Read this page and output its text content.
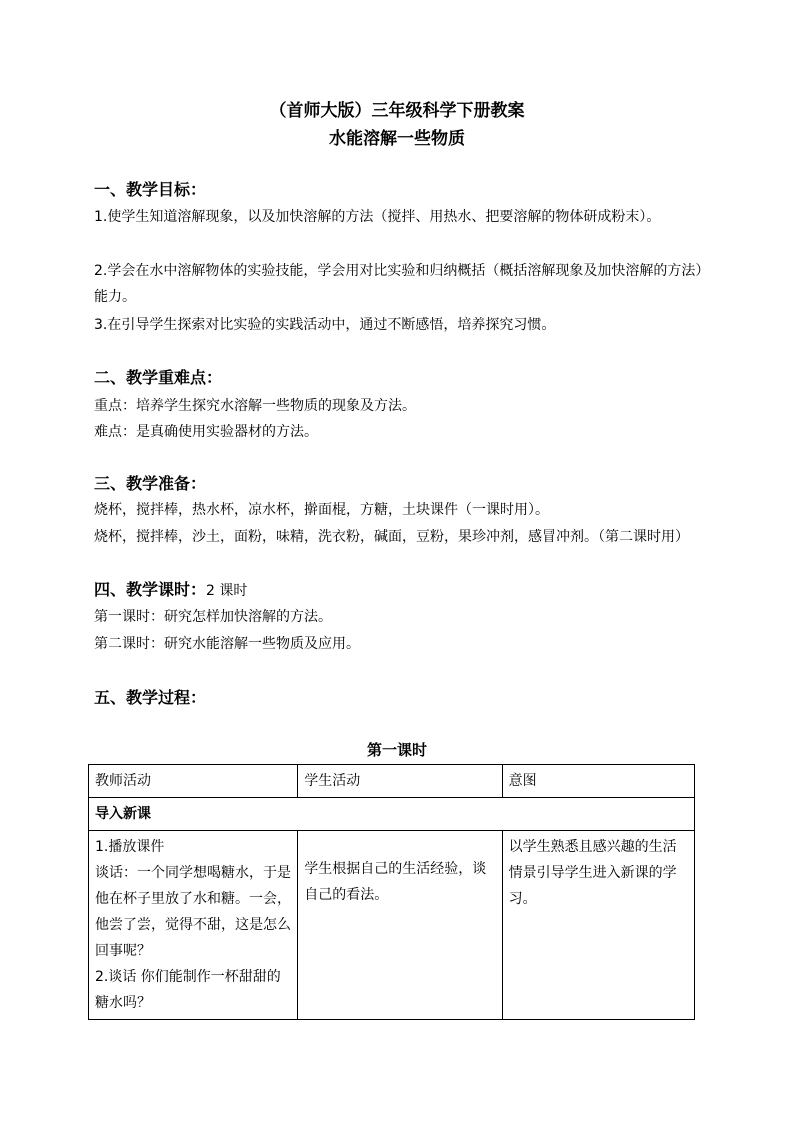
（首师大版）三年级科学下册教案
水能溶解一些物质
一、教学目标：
1.使学生知道溶解现象，以及加快溶解的方法（搅拌、用热水、把要溶解的物体研成粉末）。
2.学会在水中溶解物体的实验技能，学会用对比实验和归纳概括（概括溶解现象及加快溶解的方法）能力。
3.在引导学生探索对比实验的实践活动中，通过不断感悟，培养探究习惯。
二、教学重难点：
重点：培养学生探究水溶解一些物质的现象及方法。
难点：是真确使用实验器材的方法。
三、教学准备：
烧杯，搅拌棒，热水杯，凉水杯，擀面棍，方糖，土块课件（一课时用）。
烧杯，搅拌棒，沙土，面粉，味精，洗衣粉，碱面，豆粉，果珍冲剂，感冒冲剂。（第二课时用）
四、教学课时：2 课时
第一课时：研究怎样加快溶解的方法。
第二课时：研究水能溶解一些物质及应用。
五、教学过程：
第一课时
教师活动	学生活动	意图
导入新课		

1.播放课件
谈话：一个同学想喝糖水，于是他在杯子里放了水和糖。一会，他尝了尝，觉得不甜，这是怎么回事呢？
2.谈话 你们能制作一杯甜甜的糖水吗？	学生根据自己的生活经验，谈自己的看法。	以学生熟悉且感兴趣的生活情景引导学生进入新课的学习。
